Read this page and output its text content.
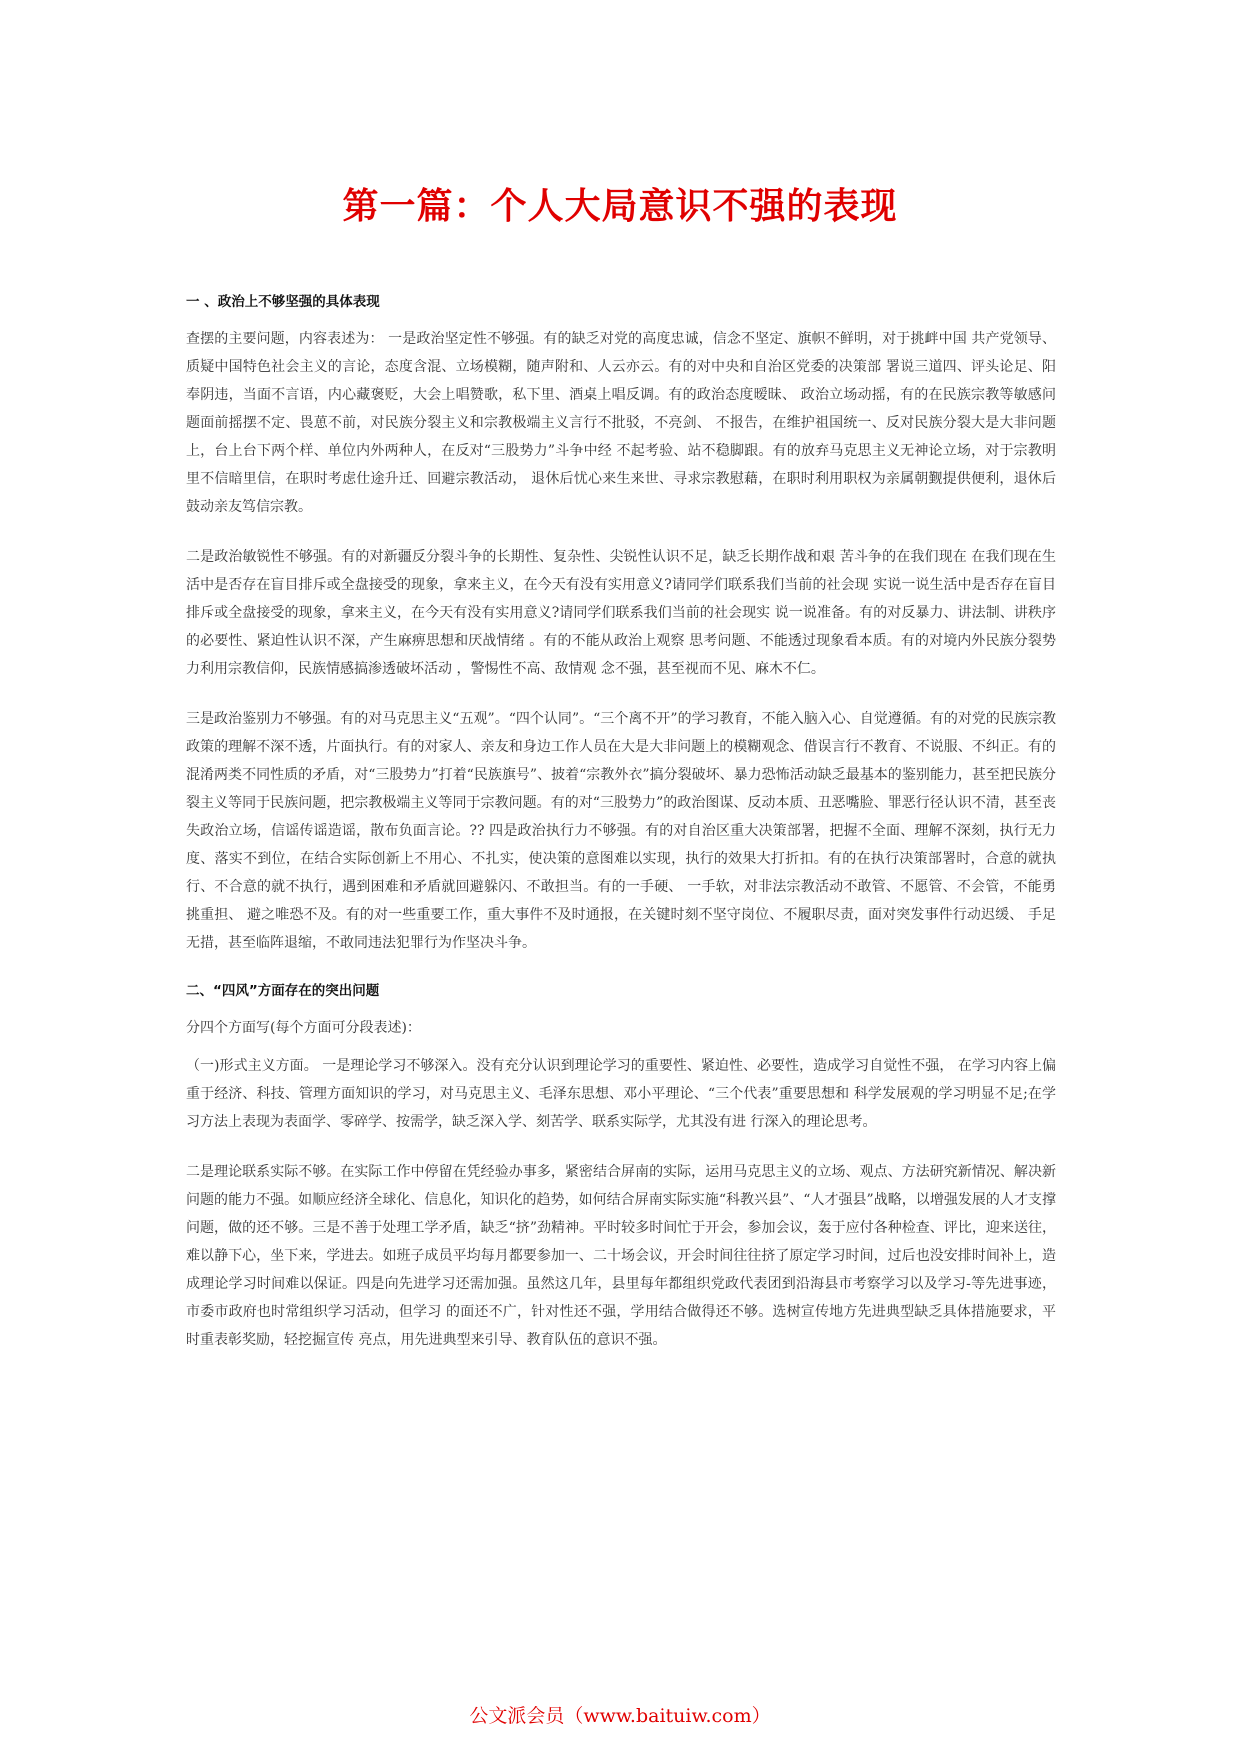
第一篇：个人大局意识不强的表现
一 、政治上不够坚强的具体表现

查摆的主要问题，内容表述为： 一是政治坚定性不够强。有的缺乏对党的高度忠诚，信念不坚定、旗帜不鲜明，对于挑衅中国 共产党领导、质疑中国特色社会主义的言论，态度含混、立场模糊，随声附和、人云亦云。有的对中央和自治区党委的决策部 署说三道四、评头论足、阳奉阴违，当面不言语，内心藏褒贬，大会上唱赞歌，私下里、酒桌上唱反调。有的政治态度暧昧、 政治立场动摇，有的在民族宗教等敏感问题面前摇摆不定、畏葸不前，对民族分裂主义和宗教极端主义言行不批驳，不亮剑、 不报告，在维护祖国统一、反对民族分裂大是大非问题上，台上台下两个样、单位内外两种人，在反对“三股势力”斗争中经 不起考验、站不稳脚跟。有的放弃马克思主义无神论立场，对于宗教明里不信暗里信，在职时考虑仕途升迁、回避宗教活动， 退休后忧心来生来世、寻求宗教慰藉，在职时利用职权为亲属朝觐提供便利，退休后鼓动亲友笃信宗教。

二是政治敏锐性不够强。有的对新疆反分裂斗争的长期性、复杂性、尖锐性认识不足，缺乏长期作战和艰 苦斗争的在我们现在 在我们现在生活中是否存在盲目排斥或全盘接受的现象，拿来主义，在今天有没有实用意义?请同学们联系我们当前的社会现 实说一说生活中是否存在盲目排斥或全盘接受的现象，拿来主义，在今天有没有实用意义?请同学们联系我们当前的社会现实 说一说准备。有的对反暴力、讲法制、讲秩序的必要性、紧迫性认识不深，产生麻痹思想和厌战情绪 。有的不能从政治上观察 思考问题、不能透过现象看本质。有的对境内外民族分裂势力利用宗教信仰，民族情感搞渗透破坏活动 ，警惕性不高、敌情观 念不强，甚至视而不见、麻木不仁。

三是政治鉴别力不够强。有的对马克思主义“五观”。“四个认同”。“三个离不开”的学习教育，不能入脑入心、自觉遵循。有的对党的民族宗教政策的理解不深不透，片面执行。有的对家人、亲友和身边工作人员在大是大非问题上的模糊观念、借误言行不教育、不说服、不纠正。有的混淆两类不同性质的矛盾，对“三股势力”打着“民族旗号”、披着“宗教外衣”搞分裂破坏、暴力恐怖活动缺乏最基本的鉴别能力，甚至把民族分裂主义等同于民族问题，把宗教极端主义等同于宗教问题。有的对“三股势力”的政治图谋、反动本质、丑恶嘴脸、罪恶行径认识不清，甚至丧失政治立场，信谣传谣造谣，散布负面言论。?? 四是政治执行力不够强。有的对自治区重大决策部署，把握不全面、理解不深刻，执行无力度、落实不到位，在结合实际创新上不用心、不扎实，使决策的意图难以实现，执行的效果大打折扣。有的在执行决策部署时，合意的就执行、不合意的就不执行，遇到困难和矛盾就回避躲闪、不敢担当。有的一手硬、 一手软，对非法宗教活动不敢管、不愿管、不会管，不能勇挑重担、 避之唯恐不及。有的对一些重要工作，重大事件不及时通报，在关键时刻不坚守岗位、不履职尽责，面对突发事件行动迟缓、 手足无措，甚至临阵退缩，不敢同违法犯罪行为作坚决斗争。

二、“四风”方面存在的突出问题

分四个方面写(每个方面可分段表述)：

（一)形式主义方面。 一是理论学习不够深入。没有充分认识到理论学习的重要性、紧迫性、必要性，造成学习自觉性不强， 在学习内容上偏重于经济、科技、管理方面知识的学习，对马克思主义、毛泽东思想、邓小平理论、“三个代表”重要思想和 科学发展观的学习明显不足;在学习方法上表现为表面学、零碎学、按需学，缺乏深入学、刻苦学、联系实际学，尤其没有进 行深入的理论思考。

二是理论联系实际不够。在实际工作中停留在凭经验办事多，紧密结合屏南的实际，运用马克思主义的立场、观点、方法研究新情况、解决新问题的能力不强。如顺应经济全球化、信息化，知识化的趋势，如何结合屏南实际实施“科教兴县”、“人才强县”战略，以增强发展的人才支撑问题，做的还不够。三是不善于处理工学矛盾，缺乏“挤”劲精神。平时较多时间忙于开会，参加会议，轰于应付各种检查、评比，迎来送往，难以静下心，坐下来，学进去。如班子成员平均每月都要参加一、二十场会议，开会时间往往挤了原定学习时间，过后也没安排时间补上，造成理论学习时间难以保证。四是向先进学习还需加强。虽然这几年，县里每年都组织党政代表团到沿海县市考察学习以及学习-等先进事迹，市委市政府也时常组织学习活动，但学习 的面还不广，针对性还不强，学用结合做得还不够。选树宣传地方先进典型缺乏具体措施要求，平时重表彰奖励，轻挖掘宣传 亮点，用先进典型来引导、教育队伍的意识不强。

公文派会员（www.baituiw.com）
